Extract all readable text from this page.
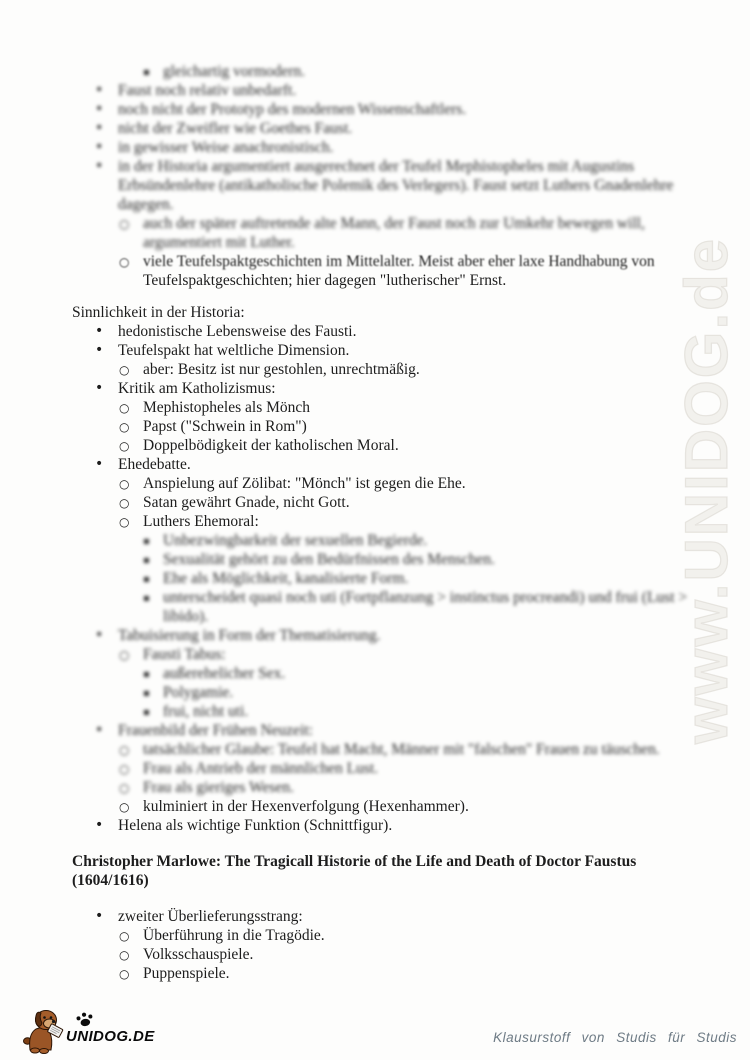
www.UNIDOG.de
▪ gleichartig vormodern.
• Faust noch relativ unbedarft.
• noch nicht der Prototyp des modernen Wissenschaftlers.
• nicht der Zweifler wie Goethes Faust.
• in gewisser Weise anachronistisch.
• in der Historia argumentiert ausgerechnet der Teufel Mephistopheles mit Augustins Erbsündenlehre (antikatholische Polemik des Verlegers). Faust setzt Luthers Gnadenlehre dagegen.
○ auch der später auftretende alte Mann, der Faust noch zur Umkehr bewegen will, argumentiert mit Luther.
○ viele Teufelspaktgeschichten im Mittelalter. Meist aber eher laxe Handhabung von
Teufelspaktgeschichten; hier dagegen "lutherischer" Ernst.
Sinnlichkeit in der Historia:
• hedonistische Lebensweise des Fausti.
• Teufelspakt hat weltliche Dimension.
○ aber: Besitz ist nur gestohlen, unrechtmäßig.
• Kritik am Katholizismus:
○ Mephistopheles als Mönch
○ Papst ("Schwein in Rom")
○ Doppelbödigkeit der katholischen Moral.
• Ehedebatte.
○ Anspielung auf Zölibat: "Mönch" ist gegen die Ehe.
○ Satan gewährt Gnade, nicht Gott.
○ Luthers Ehemoral:
▪ Unbezwingbarkeit der sexuellen Begierde.
▪ Sexualität gehört zu den Bedürfnissen des Menschen.
▪ Ehe als Möglichkeit, kanalisierte Form.
▪ unterscheidet quasi noch uti (Fortpflanzung > instinctus procreandi) und frui (Lust > libido).
• Tabuisierung in Form der Thematisierung.
○ Fausti Tabus:
▪ außerehelicher Sex.
▪ Polygamie.
▪ frui, nicht uti.
• Frauenbild der Frühen Neuzeit:
○ tatsächlicher Glaube: Teufel hat Macht, Männer mit "falschen" Frauen zu täuschen.
○ Frau als Antrieb der männlichen Lust.
○ Frau als gieriges Wesen.
○ kulminiert in der Hexenverfolgung (Hexenhammer).
• Helena als wichtige Funktion (Schnittfigur).
Christopher Marlowe: The Tragicall Historie of the Life and Death of Doctor Faustus
(1604/1616)
• zweiter Überlieferungsstrang:
○ Überführung in die Tragödie.
○ Volksschauspiele.
○ Puppenspiele.
UNIDOG.DE	Klausurstoff von Studis für Studis
